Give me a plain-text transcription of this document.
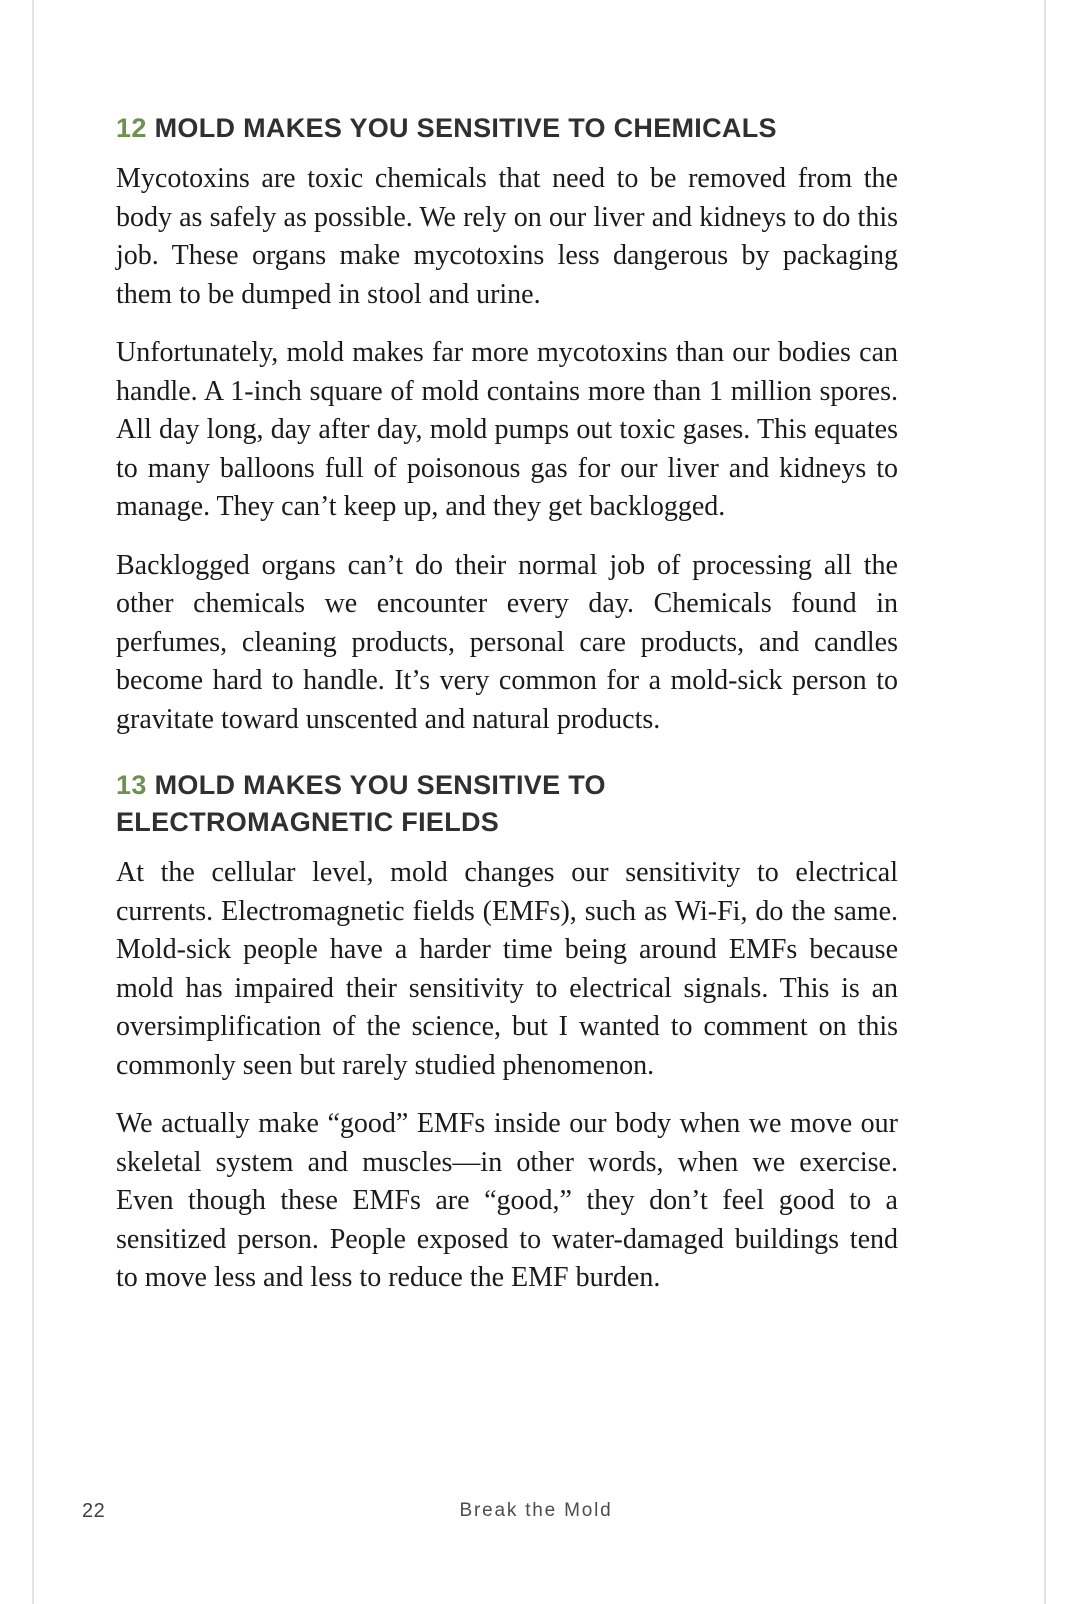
12 MOLD MAKES YOU SENSITIVE TO CHEMICALS

Mycotoxins are toxic chemicals that need to be removed from the body as safely as possible. We rely on our liver and kidneys to do this job. These organs make mycotoxins less dangerous by packaging them to be dumped in stool and urine.

Unfortunately, mold makes far more mycotoxins than our bodies can handle. A 1-inch square of mold contains more than 1 million spores. All day long, day after day, mold pumps out toxic gases. This equates to many balloons full of poisonous gas for our liver and kidneys to manage. They can’t keep up, and they get backlogged.

Backlogged organs can’t do their normal job of processing all the other chemicals we encounter every day. Chemicals found in perfumes, cleaning products, personal care products, and candles become hard to handle. It’s very common for a mold-sick person to gravitate toward unscented and natural products.

13 MOLD MAKES YOU SENSITIVE TO ELECTROMAGNETIC FIELDS

At the cellular level, mold changes our sensitivity to electrical currents. Electromagnetic fields (EMFs), such as Wi-Fi, do the same. Mold-sick people have a harder time being around EMFs because mold has impaired their sensitivity to electrical signals. This is an oversimplification of the science, but I wanted to comment on this commonly seen but rarely studied phenomenon.

We actually make “good” EMFs inside our body when we move our skeletal system and muscles—in other words, when we exercise. Even though these EMFs are “good,” they don’t feel good to a sensitized person. People exposed to water-damaged buildings tend to move less and less to reduce the EMF burden.

22	Break the Mold
